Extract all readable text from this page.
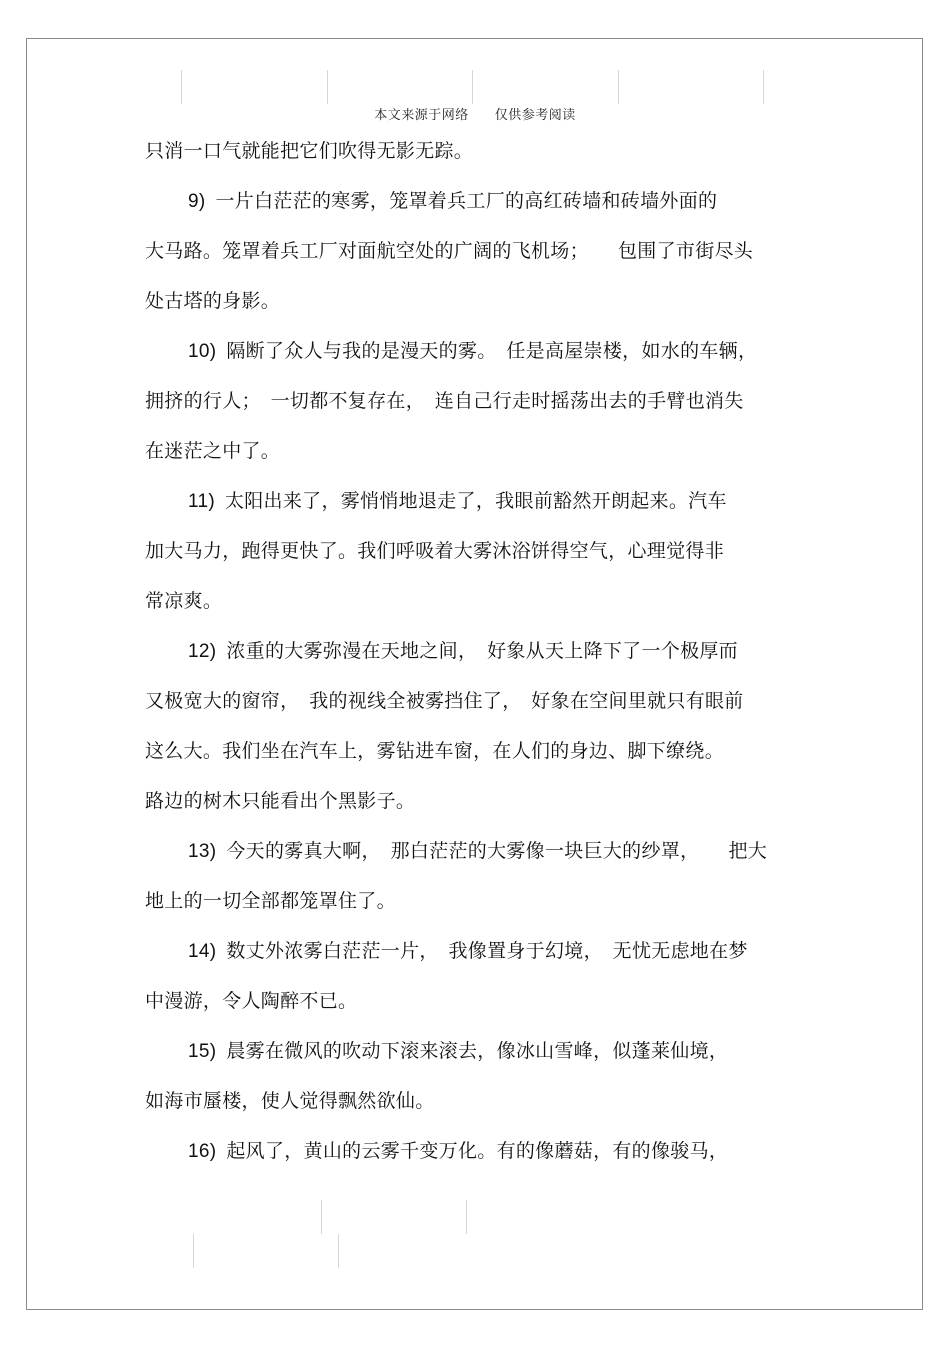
本文来源于网络 仅供参考阅读
只消一口气就能把它们吹得无影无踪。
9) 一片白茫茫的寒雾，笼罩着兵工厂的高红砖墙和砖墙外面的
大马路。笼罩着兵工厂对面航空处的广阔的飞机场；　　包围了市街尽头
处古塔的身影。
10) 隔断了众人与我的是漫天的雾。　任是高屋崇楼，如水的车辆，
拥挤的行人；　一切都不复存在，　连自己行走时摇荡出去的手臂也消失
在迷茫之中了。
11) 太阳出来了，雾悄悄地退走了，我眼前豁然开朗起来。汽车
加大马力，跑得更快了。我们呼吸着大雾沐浴饼得空气，心理觉得非
常凉爽。
12) 浓重的大雾弥漫在天地之间，　好象从天上降下了一个极厚而
又极宽大的窗帘，　我的视线全被雾挡住了，　好象在空间里就只有眼前
这么大。我们坐在汽车上，雾钻进车窗，在人们的身边、脚下缭绕。
路边的树木只能看出个黑影子。
13) 今天的雾真大啊，　那白茫茫的大雾像一块巨大的纱罩，　　把大
地上的一切全部都笼罩住了。
14) 数丈外浓雾白茫茫一片，　我像置身于幻境，　无忧无虑地在梦
中漫游，令人陶醉不已。
15) 晨雾在微风的吹动下滚来滚去，像冰山雪峰，似蓬莱仙境，
如海市蜃楼，使人觉得飘然欲仙。
16) 起风了，黄山的云雾千变万化。有的像蘑菇，有的像骏马，
